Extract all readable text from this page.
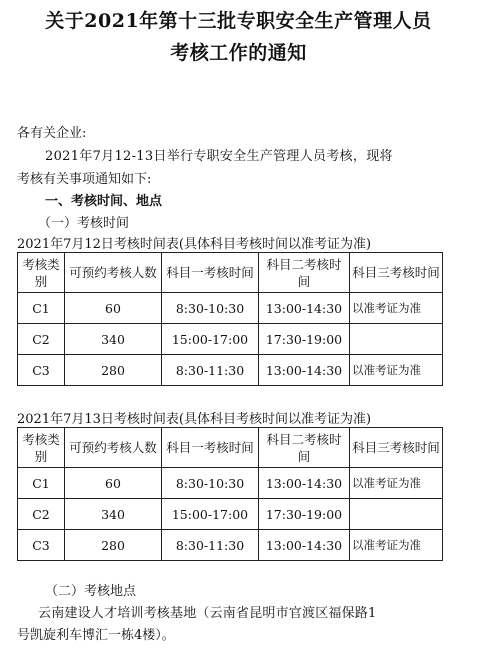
关于2021年第十三批专职安全生产管理人员
考核工作的通知
各有关企业:
2021年7月12-13日举行专职安全生产管理人员考核，现将
考核有关事项通知如下:
一、考核时间、地点
（一）考核时间
2021年7月12日考核时间表(具体科目考核时间以准考证为准)
考核类别	可预约考核人数	科目一考核时间	科目二考核时间	科目三考核时间
C1	60	8:30-10:30	13:00-14:30	以准考证为准
C2	340	15:00-17:00	17:30-19:00	
C3	280	8:30-11:30	13:00-14:30	以准考证为准
2021年7月13日考核时间表(具体科目考核时间以准考证为准)
考核类别	可预约考核人数	科目一考核时间	科目二考核时间	科目三考核时间
C1	60	8:30-10:30	13:00-14:30	以准考证为准
C2	340	15:00-17:00	17:30-19:00	
C3	280	8:30-11:30	13:00-14:30	以准考证为准
（二）考核地点
云南建设人才培训考核基地（云南省昆明市官渡区福保路1
号凯旋利车博汇一栋4楼）。
